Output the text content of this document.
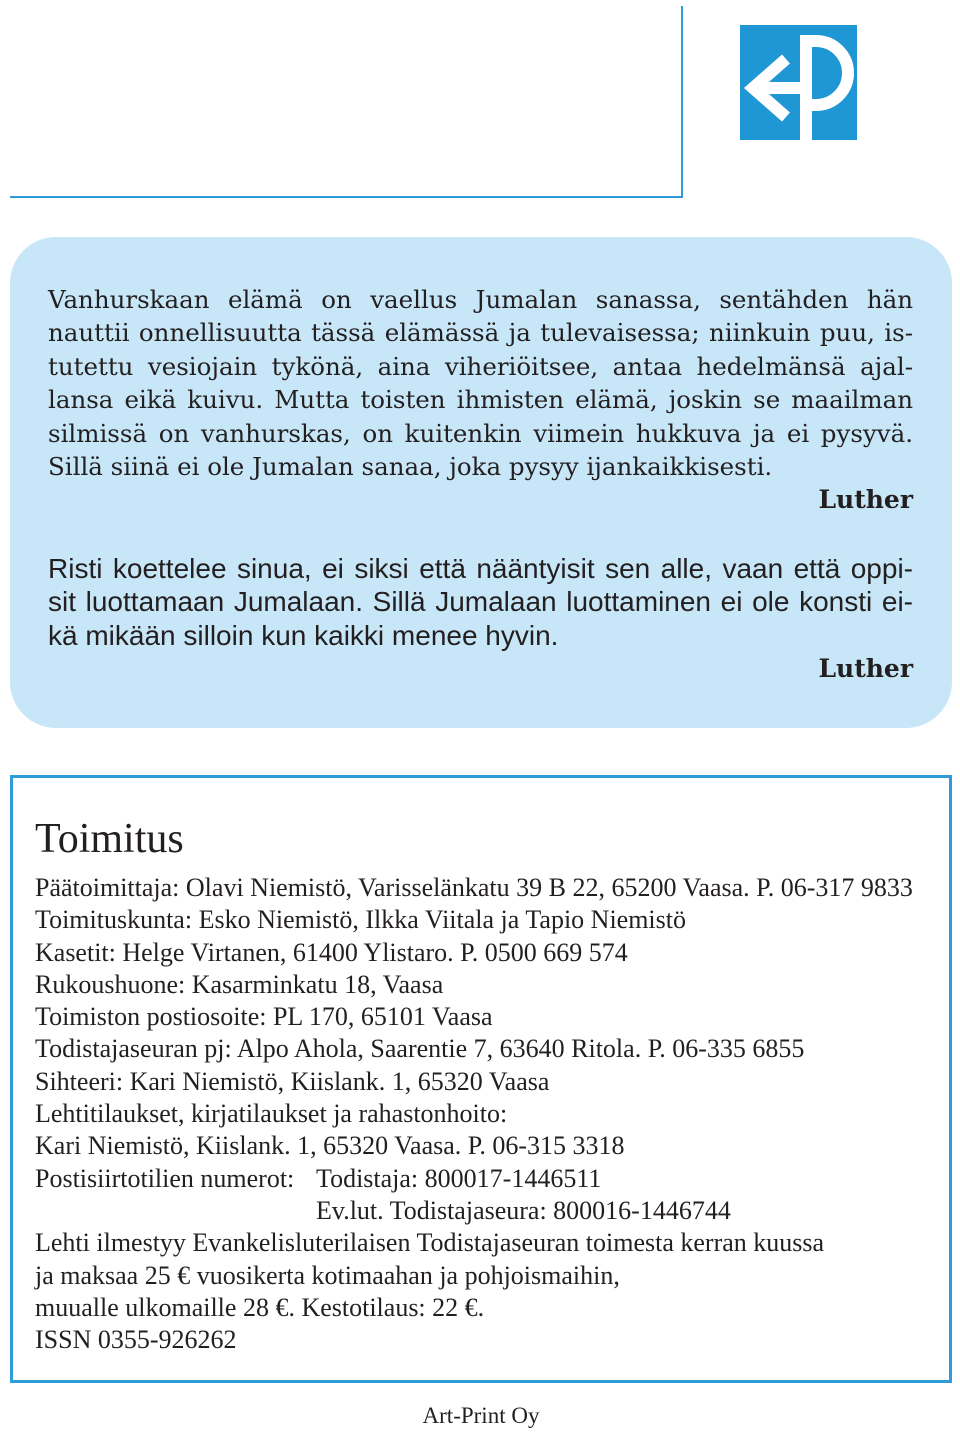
Vanhurskaan elämä on vaellus Jumalan sanassa, sentähden hän
nauttii onnellisuutta tässä elämässä ja tulevaisessa; niinkuin puu, is-
tutettu vesiojain tykönä, aina viheriöitsee, antaa hedelmänsä ajal-
lansa eikä kuivu. Mutta toisten ihmisten elämä, joskin se maailman
silmissä on vanhurskas, on kuitenkin viimein hukkuva ja ei pysyvä.
Sillä siinä ei ole Jumalan sanaa, joka pysyy ijankaikkisesti.
Luther
Risti koettelee sinua, ei siksi että nääntyisit sen alle, vaan että oppi-
sit luottamaan Jumalaan. Sillä Jumalaan luottaminen ei ole konsti ei-
kä mikään silloin kun kaikki menee hyvin.
Luther
Toimitus
Päätoimittaja: Olavi Niemistö, Varisselänkatu 39 B 22, 65200 Vaasa. P. 06-317 9833
Toimituskunta: Esko Niemistö, Ilkka Viitala ja Tapio Niemistö
Kasetit: Helge Virtanen, 61400 Ylistaro. P. 0500 669 574
Rukoushuone: Kasarminkatu 18, Vaasa
Toimiston postiosoite: PL 170, 65101 Vaasa
Todistajaseuran pj: Alpo Ahola, Saarentie 7, 63640 Ritola. P. 06-335 6855
Sihteeri: Kari Niemistö, Kiislank. 1, 65320 Vaasa
Lehtitilaukset, kirjatilaukset ja rahastonhoito:
Kari Niemistö, Kiislank. 1, 65320 Vaasa. P. 06-315 3318
Postisiirtotilien numerot: Todistaja: 800017-1446511
Ev.lut. Todistajaseura: 800016-1446744
Lehti ilmestyy Evankelisluterilaisen Todistajaseuran toimesta kerran kuussa
ja maksaa 25 € vuosikerta kotimaahan ja pohjoismaihin,
muualle ulkomaille 28 €. Kestotilaus: 22 €.
ISSN 0355-926262
Art-Print Oy
